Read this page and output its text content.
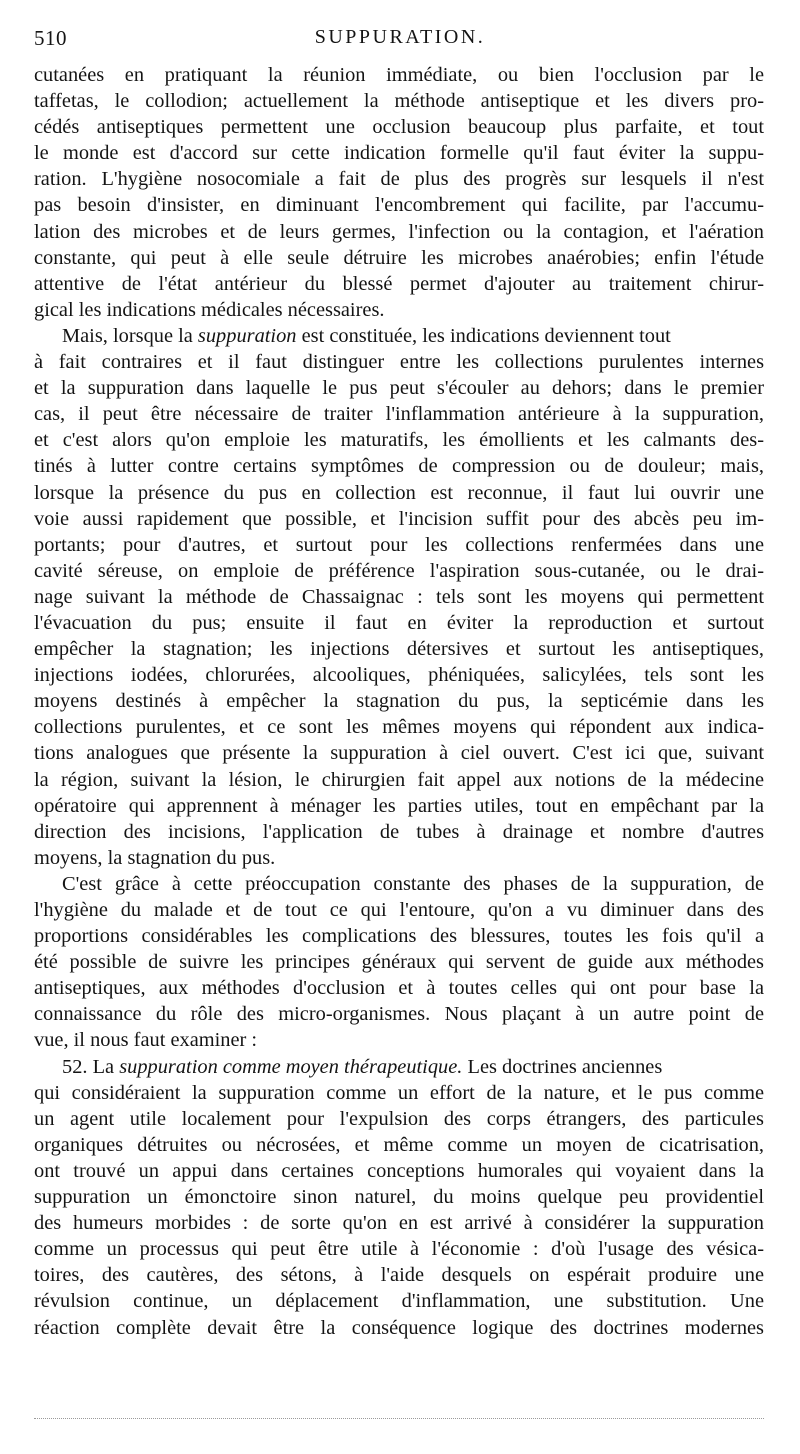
510	SUPPURATION.
cutanées en pratiquant la réunion immédiate, ou bien l'occlusion par le
taffetas, le collodion; actuellement la méthode antiseptique et les divers pro-
cédés antiseptiques permettent une occlusion beaucoup plus parfaite, et tout
le monde est d'accord sur cette indication formelle qu'il faut éviter la suppu-
ration. L'hygiène nosocomiale a fait de plus des progrès sur lesquels il n'est
pas besoin d'insister, en diminuant l'encombrement qui facilite, par l'accumu-
lation des microbes et de leurs germes, l'infection ou la contagion, et l'aération
constante, qui peut à elle seule détruire les microbes anaérobies; enfin l'étude
attentive de l'état antérieur du blessé permet d'ajouter au traitement chirur-
gical les indications médicales nécessaires.
Mais, lorsque la suppuration est constituée, les indications deviennent tout
à fait contraires et il faut distinguer entre les collections purulentes internes
et la suppuration dans laquelle le pus peut s'écouler au dehors; dans le premier
cas, il peut être nécessaire de traiter l'inflammation antérieure à la suppuration,
et c'est alors qu'on emploie les maturatifs, les émollients et les calmants des-
tinés à lutter contre certains symptômes de compression ou de douleur; mais,
lorsque la présence du pus en collection est reconnue, il faut lui ouvrir une
voie aussi rapidement que possible, et l'incision suffit pour des abcès peu im-
portants; pour d'autres, et surtout pour les collections renfermées dans une
cavité séreuse, on emploie de préférence l'aspiration sous-cutanée, ou le drai-
nage suivant la méthode de Chassaignac : tels sont les moyens qui permettent
l'évacuation du pus; ensuite il faut en éviter la reproduction et surtout
empêcher la stagnation; les injections détersives et surtout les antiseptiques,
injections iodées, chlorurées, alcooliques, phéniquées, salicylées, tels sont les
moyens destinés à empêcher la stagnation du pus, la septicémie dans les
collections purulentes, et ce sont les mêmes moyens qui répondent aux indica-
tions analogues que présente la suppuration à ciel ouvert. C'est ici que, suivant
la région, suivant la lésion, le chirurgien fait appel aux notions de la médecine
opératoire qui apprennent à ménager les parties utiles, tout en empêchant par la
direction des incisions, l'application de tubes à drainage et nombre d'autres
moyens, la stagnation du pus.
C'est grâce à cette préoccupation constante des phases de la suppuration, de
l'hygiène du malade et de tout ce qui l'entoure, qu'on a vu diminuer dans des
proportions considérables les complications des blessures, toutes les fois qu'il a
été possible de suivre les principes généraux qui servent de guide aux méthodes
antiseptiques, aux méthodes d'occlusion et à toutes celles qui ont pour base la
connaissance du rôle des micro-organismes. Nous plaçant à un autre point de
vue, il nous faut examiner :
52. La suppuration comme moyen thérapeutique. Les doctrines anciennes
qui considéraient la suppuration comme un effort de la nature, et le pus comme
un agent utile localement pour l'expulsion des corps étrangers, des particules
organiques détruites ou nécrosées, et même comme un moyen de cicatrisation,
ont trouvé un appui dans certaines conceptions humorales qui voyaient dans la
suppuration un émonctoire sinon naturel, du moins quelque peu providentiel
des humeurs morbides : de sorte qu'on en est arrivé à considérer la suppuration
comme un processus qui peut être utile à l'économie : d'où l'usage des vésica-
toires, des cautères, des sétons, à l'aide desquels on espérait produire une
révulsion continue, un déplacement d'inflammation, une substitution. Une
réaction complète devait être la conséquence logique des doctrines modernes
